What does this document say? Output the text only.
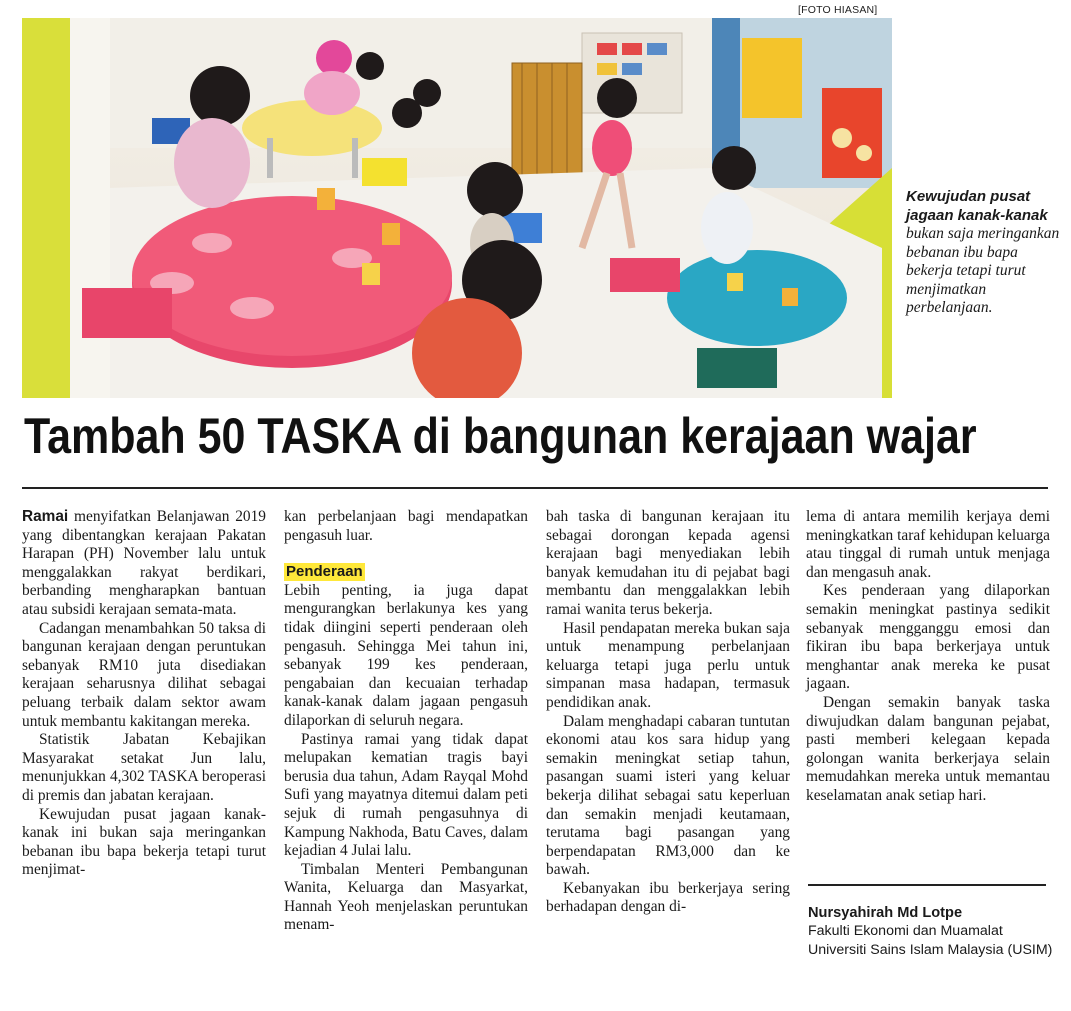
[FOTO HIASAN]
Kewujudan pusat jagaan kanak-kanak bukan saja meringankan bebanan ibu bapa bekerja tetapi turut menjimatkan perbelanjaan.
Tambah 50 TASKA di bangunan kerajaan wajar

Ramai menyifatkan Belanjawan 2019 yang dibentangkan kerajaan Pakatan Harapan (PH) November lalu untuk menggalakkan rakyat berdikari, berbanding mengharapkan bantuan atau subsidi kerajaan semata-mata.

Cadangan menambahkan 50 taksa di bangunan kerajaan dengan peruntukan sebanyak RM10 juta disediakan kerajaan seharusnya dilihat sebagai peluang terbaik dalam sektor awam untuk membantu kakitangan mereka.

Statistik Jabatan Kebajikan Masyarakat setakat Jun lalu, menunjukkan 4,302 TASKA beroperasi di premis dan jabatan kerajaan.

Kewujudan pusat jagaan kanak-kanak ini bukan saja meringankan bebanan ibu bapa bekerja tetapi turut menjimat-

kan perbelanjaan bagi mendapatkan pengasuh luar.

Penderaan

Lebih penting, ia juga dapat mengurangkan berlakunya kes yang tidak diingini seperti penderaan oleh pengasuh. Sehingga Mei tahun ini, sebanyak 199 kes penderaan, pengabaian dan kecuaian terhadap kanak-kanak dalam jagaan pengasuh dilaporkan di seluruh negara.

Pastinya ramai yang tidak dapat melupakan kematian tragis bayi berusia dua tahun, Adam Rayqal Mohd Sufi yang mayatnya ditemui dalam peti sejuk di rumah pengasuhnya di Kampung Nakhoda, Batu Caves, dalam kejadian 4 Julai lalu.

Timbalan Menteri Pembangunan Wanita, Keluarga dan Masyarkat, Hannah Yeoh menjelaskan peruntukan menam-

bah taska di bangunan kerajaan itu sebagai dorongan kepada agensi kerajaan bagi menyediakan lebih banyak kemudahan itu di pejabat bagi membantu dan menggalakkan lebih ramai wanita terus bekerja.

Hasil pendapatan mereka bukan saja untuk menampung perbelanjaan keluarga tetapi juga perlu untuk simpanan masa hadapan, termasuk pendidikan anak.

Dalam menghadapi cabaran tuntutan ekonomi atau kos sara hidup yang semakin meningkat setiap tahun, pasangan suami isteri yang keluar bekerja dilihat sebagai satu keperluan dan semakin menjadi keutamaan, terutama bagi pasangan yang berpendapatan RM3,000 dan ke bawah.

Kebanyakan ibu berkerjaya sering berhadapan dengan di-

lema di antara memilih kerjaya demi meningkatkan taraf kehidupan keluarga atau tinggal di rumah untuk menjaga dan mengasuh anak.

Kes penderaan yang dilaporkan semakin meningkat pastinya sedikit sebanyak mengganggu emosi dan fikiran ibu bapa berkerjaya untuk menghantar anak mereka ke pusat jagaan.

Dengan semakin banyak taska diwujudkan dalam bangunan pejabat, pasti memberi kelegaan kepada golongan wanita berkerjaya selain memudahkan mereka untuk memantau keselamatan anak setiap hari.

Nursyahirah Md Lotpe
Fakulti Ekonomi dan Muamalat Universiti Sains Islam Malaysia (USIM)
